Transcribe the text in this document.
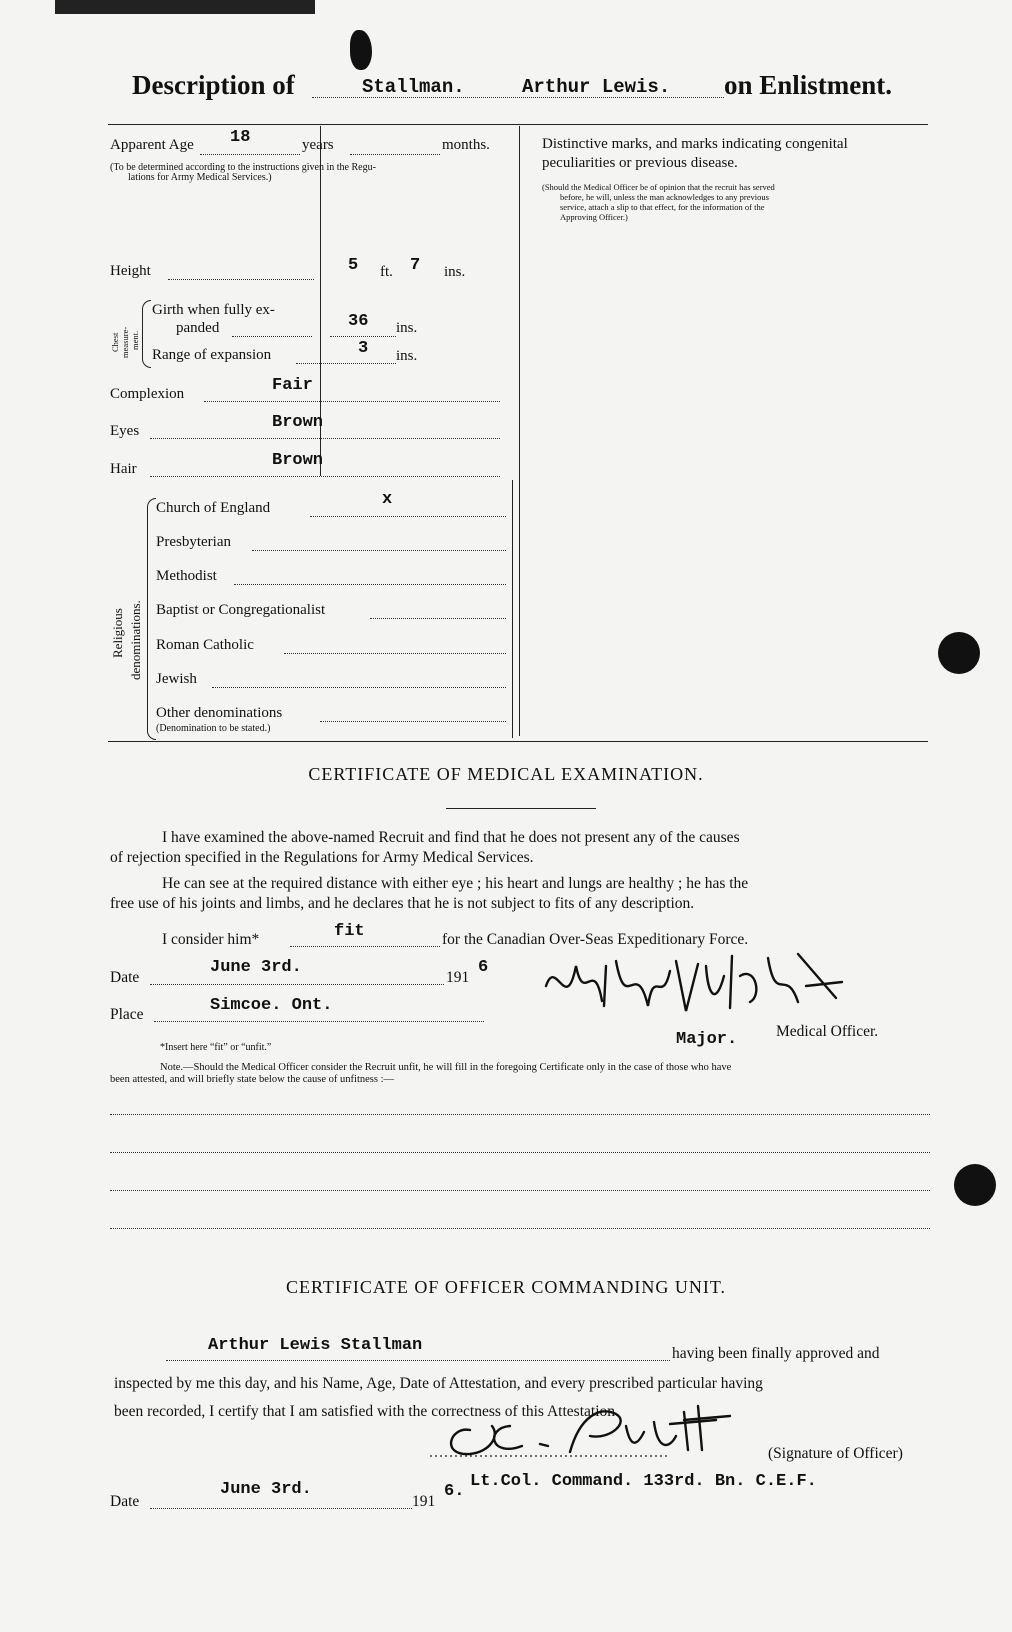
Description of	Stallman.	Arthur Lewis. on Enlistment.
Apparent Age 18	years	months.
(To be determined according to the instructions given in the Regu-
lations for Army Medical Services.)
Height	5 ft. 7 ins.
Chest measure- ment.
Girth when fully ex-
panded	36 ins.
Range of expansion	3 ins.
Complexion	Fair
Eyes	Brown
Hair	Brown
Religious denominations.
Church of England	x
Presbyterian
Methodist
Baptist or Congregationalist
Roman Catholic
Jewish
Other denominations
(Denomination to be stated.)
Distinctive marks, and marks indicating congenital
peculiarities or previous disease.
(Should the Medical Officer be of opinion that the recruit has served
before, he will, unless the man acknowledges to any previous
service, attach a slip to that effect, for the information of the
Approving Officer.)
CERTIFICATE OF MEDICAL EXAMINATION.
I have examined the above-named Recruit and find that he does not present any of the causes
of rejection specified in the Regulations for Army Medical Services.
He can see at the required distance with either eye ; his heart and lungs are healthy ; he has the
free use of his joints and limbs, and he declares that he is not subject to fits of any description.
I consider him*	fit	for the Canadian Over-Seas Expeditionary Force.
Date
June 3rd.
191
6
Place	Simcoe. Ont.
Major.	Medical Officer.
*Insert here “fit” or “unfit.”
Note.—Should the Medical Officer consider the Recruit unfit, he will fill in the foregoing Certificate only in the case of those who have
been attested, and will briefly state below the cause of unfitness :—
CERTIFICATE OF OFFICER COMMANDING UNIT.
Arthur Lewis Stallman	having been finally approved and
inspected by me this day, and his Name, Age, Date of Attestation, and every prescribed particular having
been recorded, I certify that I am satisfied with the correctness of this Attestation.
(Signature of Officer)
Date
June 3rd.
191
6.
Lt.Col. Command. 133rd. Bn. C.E.F.
